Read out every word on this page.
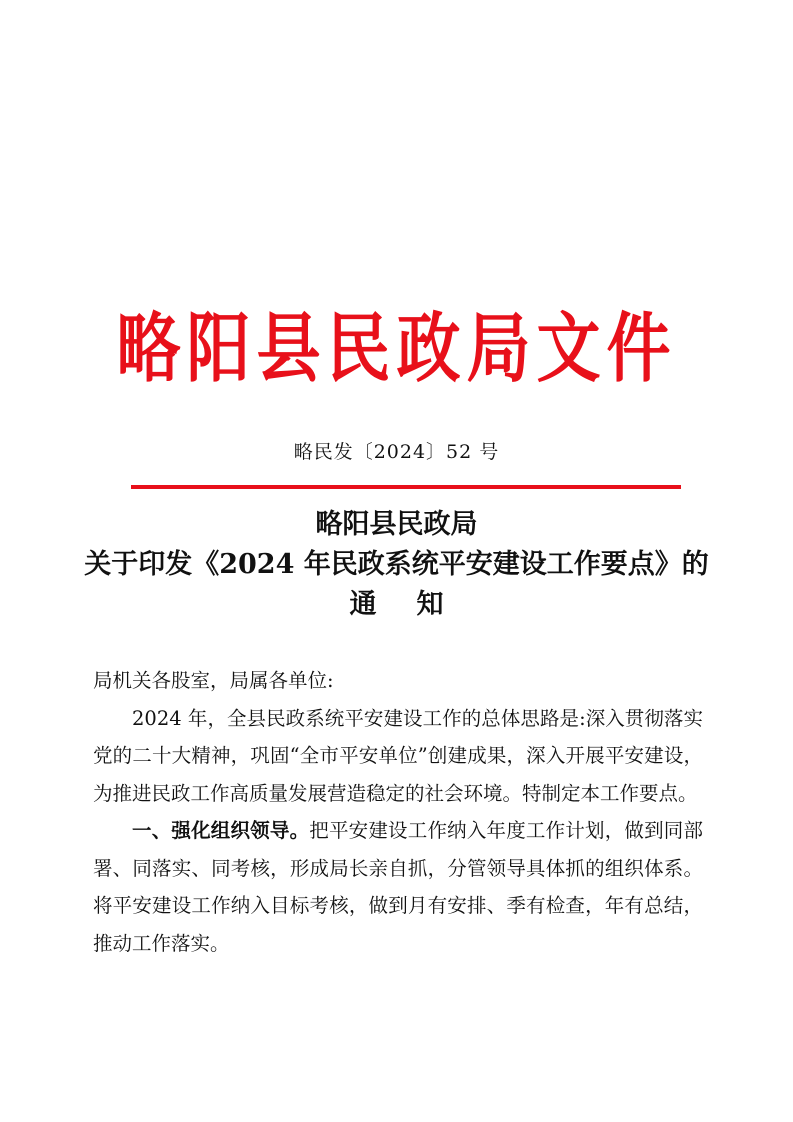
略阳县民政局文件
略民发〔2024〕52 号
略阳县民政局
关于印发《2024 年民政系统平安建设工作要点》的
通知

局机关各股室，局属各单位:

2024 年，全县民政系统平安建设工作的总体思路是:深入贯彻落实党的二十大精神，巩固“全市平安单位”创建成果，深入开展平安建设，为推进民政工作高质量发展营造稳定的社会环境。特制定本工作要点。

一、强化组织领导。把平安建设工作纳入年度工作计划，做到同部署、同落实、同考核，形成局长亲自抓，分管领导具体抓的组织体系。将平安建设工作纳入目标考核，做到月有安排、季有检查，年有总结，推动工作落实。
